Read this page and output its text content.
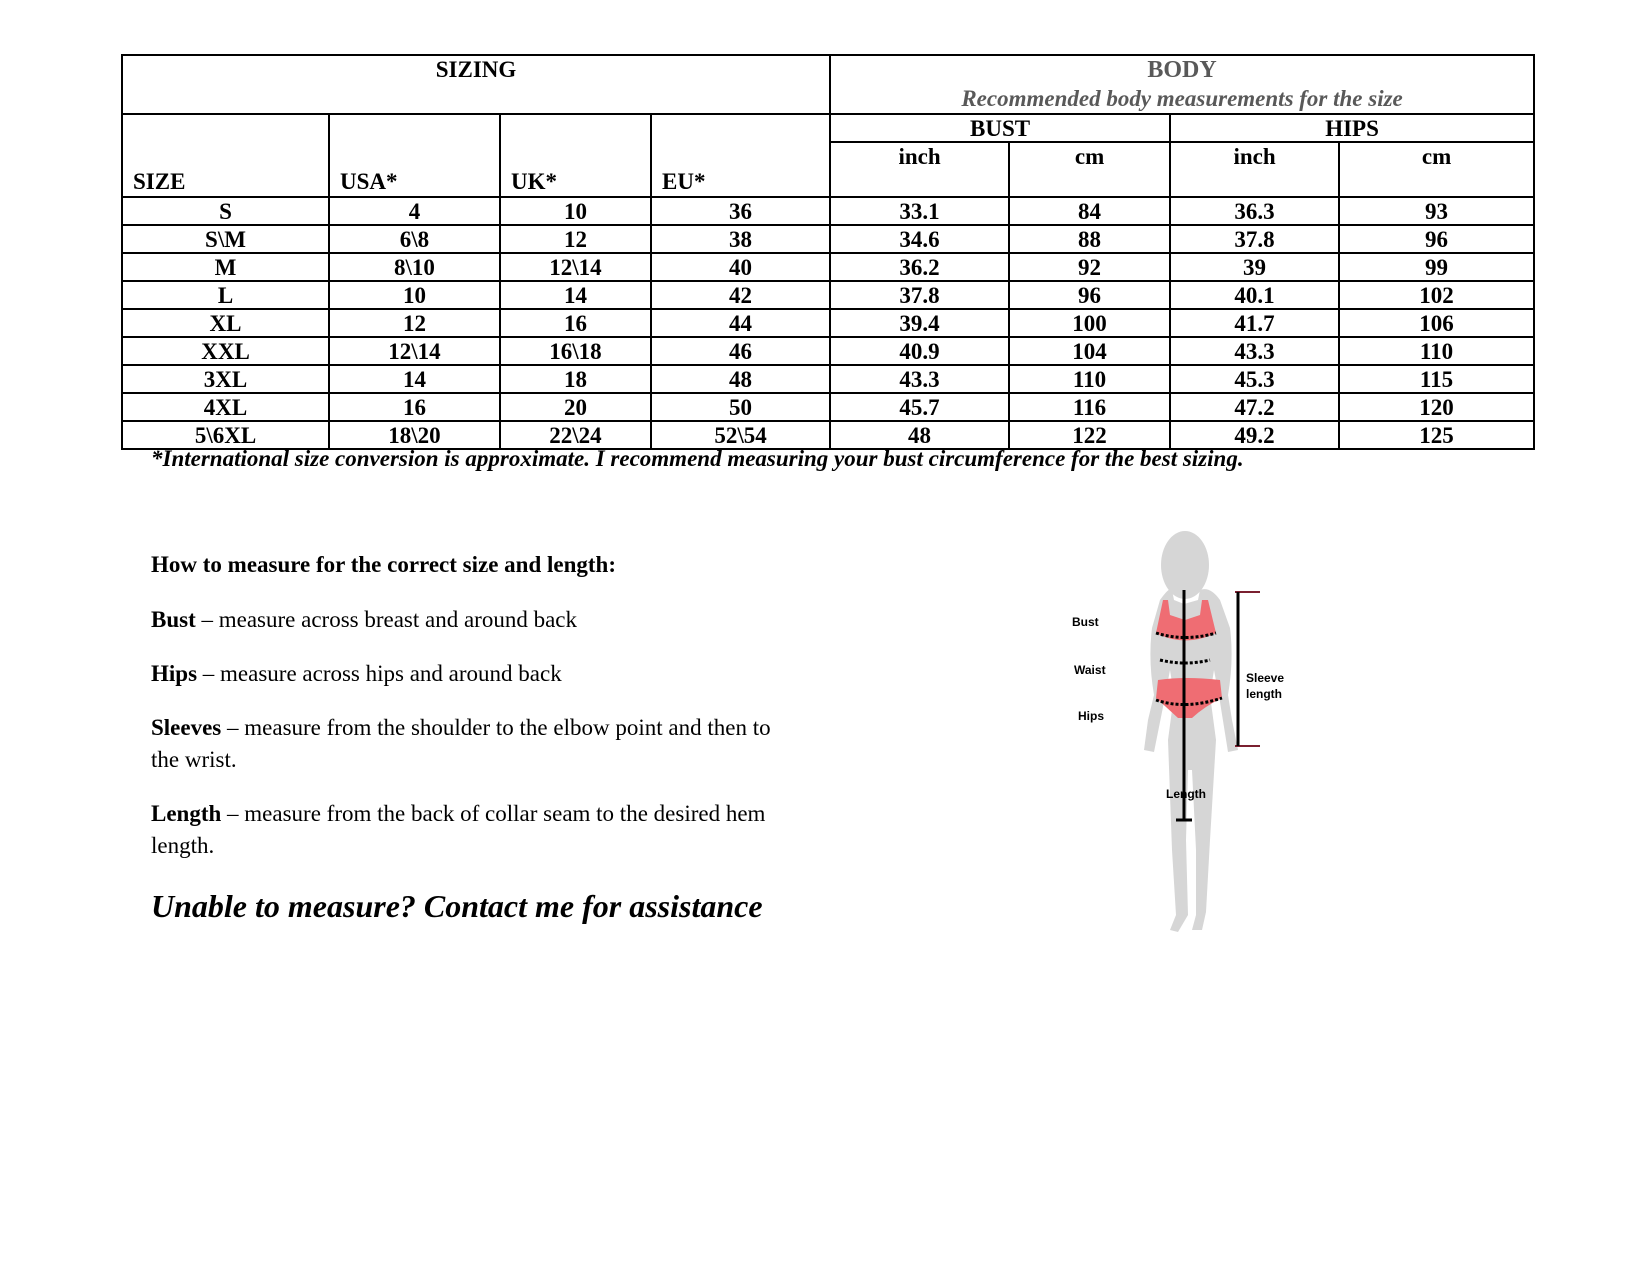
SIZING				BODY
Recommended body measurements for the size			

SIZE	USA*	UK*	EU*	BUST		HIPS	
				inch	cm	inch	cm
S	4	10	36	33.1	84	36.3	93
S\M	6\8	12	38	34.6	88	37.8	96
M	8\10	12\14	40	36.2	92	39	99
L	10	14	42	37.8	96	40.1	102
XL	12	16	44	39.4	100	41.7	106
XXL	12\14	16\18	46	40.9	104	43.3	110
3XL	14	18	48	43.3	110	45.3	115
4XL	16	20	50	45.7	116	47.2	120
5\6XL	18\20	22\24	52\54	48	122	49.2	125
*International size conversion is approximate. I recommend measuring your bust circumference for the best sizing.
How to measure for the correct size and length:

Bust – measure across breast and around back

Hips – measure across hips and around back

Sleeves – measure from the shoulder to the elbow point and then to the wrist.

Length – measure from the back of collar seam to the desired hem length.

Unable to measure? Contact me for assistance
Bust
Waist
Hips
Sleeve
length
Length
